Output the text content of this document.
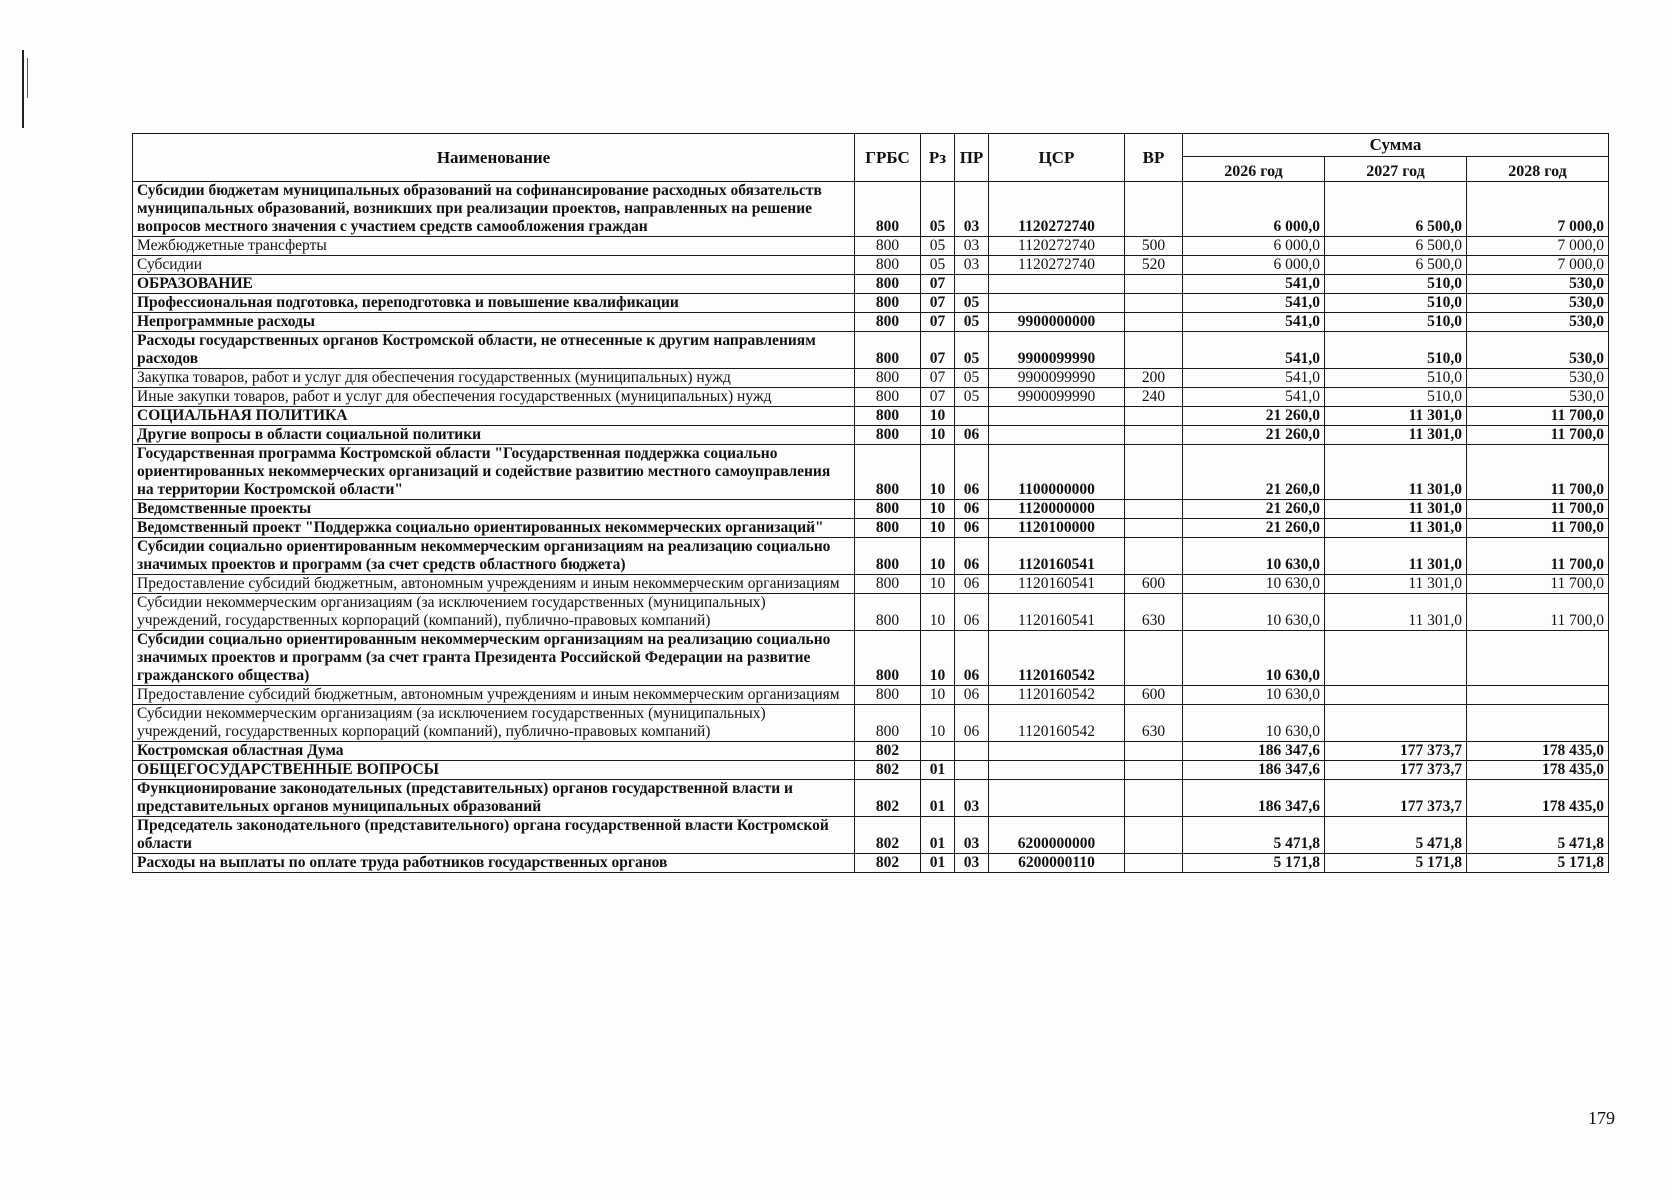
Наименование	ГРБС	Рз	ПР	ЦСР	ВР	Сумма		
						2026 год	2027 год	2028 год
Субсидии бюджетам муниципальных образований на софинансирование расходных обязательств муниципальных образований, возникших при реализации проектов, направленных на решение вопросов местного значения с участием средств самообложения граждан	800	05	03	1120272740		6 000,0	6 500,0	7 000,0
Межбюджетные трансферты	800	05	03	1120272740	500	6 000,0	6 500,0	7 000,0
Субсидии	800	05	03	1120272740	520	6 000,0	6 500,0	7 000,0
ОБРАЗОВАНИЕ	800	07				541,0	510,0	530,0
Профессиональная подготовка, переподготовка и повышение квалификации	800	07	05			541,0	510,0	530,0
Непрограммные расходы	800	07	05	9900000000		541,0	510,0	530,0
Расходы государственных органов Костромской области, не отнесенные к другим направлениям расходов	800	07	05	9900099990		541,0	510,0	530,0
Закупка товаров, работ и услуг для обеспечения государственных (муниципальных) нужд	800	07	05	9900099990	200	541,0	510,0	530,0
Иные закупки товаров, работ и услуг для обеспечения государственных (муниципальных) нужд	800	07	05	9900099990	240	541,0	510,0	530,0
СОЦИАЛЬНАЯ ПОЛИТИКА	800	10				21 260,0	11 301,0	11 700,0
Другие вопросы в области социальной политики	800	10	06			21 260,0	11 301,0	11 700,0
Государственная программа Костромской области "Государственная поддержка социально ориентированных некоммерческих организаций и содействие развитию местного самоуправления на территории Костромской области"	800	10	06	1100000000		21 260,0	11 301,0	11 700,0
Ведомственные проекты	800	10	06	1120000000		21 260,0	11 301,0	11 700,0
Ведомственный проект "Поддержка социально ориентированных некоммерческих организаций"	800	10	06	1120100000		21 260,0	11 301,0	11 700,0
Субсидии социально ориентированным некоммерческим организациям на реализацию социально значимых проектов и программ (за счет средств областного бюджета)	800	10	06	1120160541		10 630,0	11 301,0	11 700,0
Предоставление субсидий бюджетным, автономным учреждениям и иным некоммерческим организациям	800	10	06	1120160541	600	10 630,0	11 301,0	11 700,0
Субсидии некоммерческим организациям (за исключением государственных (муниципальных) учреждений, государственных корпораций (компаний), публично-правовых компаний)	800	10	06	1120160541	630	10 630,0	11 301,0	11 700,0
Субсидии социально ориентированным некоммерческим организациям на реализацию социально значимых проектов и программ (за счет гранта Президента Российской Федерации на развитие гражданского общества)	800	10	06	1120160542		10 630,0		
Предоставление субсидий бюджетным, автономным учреждениям и иным некоммерческим организациям	800	10	06	1120160542	600	10 630,0		
Субсидии некоммерческим организациям (за исключением государственных (муниципальных) учреждений, государственных корпораций (компаний), публично-правовых компаний)	800	10	06	1120160542	630	10 630,0		
Костромская областная Дума	802					186 347,6	177 373,7	178 435,0
ОБЩЕГОСУДАРСТВЕННЫЕ ВОПРОСЫ	802	01				186 347,6	177 373,7	178 435,0
Функционирование законодательных (представительных) органов государственной власти и представительных органов муниципальных образований	802	01	03			186 347,6	177 373,7	178 435,0
Председатель законодательного (представительного) органа государственной власти Костромской области	802	01	03	6200000000		5 471,8	5 471,8	5 471,8
Расходы на выплаты по оплате труда работников государственных органов	802	01	03	6200000110		5 171,8	5 171,8	5 171,8
179
